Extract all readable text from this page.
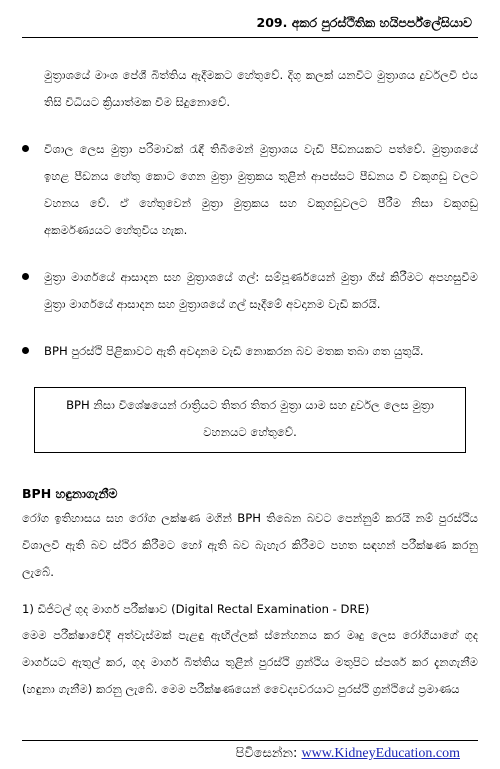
209. අකර පුරස්ථිතික හයිපර්ප්ලේසියාව

මුත්‍රාශයේ මාංශ පේශී බිත්තිය ඇදීමකට හේතුවේ. දිගු කලක් යනවිට මුත්‍රාශය දුර්වලවී එය තිසි විධියට ක්‍රියාත්මක වීම සිදුනොවේ.

විශාල ලෙස මුත්‍රා පරිමාවක් රැඳී තිබීමෙන් මුත්‍රාශය වැඩි පීඩනයකට පත්වේ. මුත්‍රාශයේ ඉහළ පීඩනය හේතු කොට ගෙන මුත්‍රා මුත්‍රකය තුළින් ආපස්සට පීඩනය වී වකුගඩු වලට වහනය වේ. ඒ හේතුවෙන් මුත්‍රා මුත්‍රකය සහ වකුගඩුවලට පීරීම නිසා වකුගඩු අකර්මණ්‍යයට හේතුවිය හැක.

මුත්‍රා මාර්ගයේ ආසාදන සහ මුත්‍රාශයේ ගල්: සම්පූර්ණයෙන් මුත්‍රා ගිස් කිරීමට අපහසුවීම මුත්‍රා මාර්ගයේ ආසාදන සහ මුත්‍රාශයේ ගල් සෑදීමේ අවදානම වැඩි කරයි.

BPH පුරස්ථි පිළිකාවට ඇති අවදානම වැඩි නොකරන බව මතක තබා ගත යුතුයි.

BPH නිසා විශේෂයෙන් රාත්‍රියට තිතර තිතර මුත්‍රා යාම සහ දුර්වල ලෙස මුත්‍රා වහනයට හේතුවේ.
BPH හඳුනාගැනීම

රෝග ඉතිහාසය සහ රෝග ලක්ෂණ මගින් BPH තිබෙන බවට පෙන්නුම් කරයි නම් පුරස්ථිය විශාලවී ඇති බව ස්ථිර කිරීමට හෝ ඇති බව බැහැර කිරීමට පහත සඳහන් පරීක්ෂණ කරනු ලැබේ.

1) ඩිජිටල් ගුද මාර්ග පරීක්ෂාව (Digital Rectal Examination - DRE)

මෙම පරීක්ෂාවේදී අත්වැස්මක් පැළඳු ඇඟිල්ලක් ස්නේහනය කර මෘදු ලෙස රෝගියාගේ ගුද මාර්ගයට ඇතුල් කර, ගුද මාර්ග බිත්තිය තුළින් පුරස්ථි ග්‍රන්ථිය මතුපිට ස්පර්ශ කර දැනගැනීම (හඳුනා ගැනීම) කරනු ලැබේ. මෙම පරීක්ෂණයෙන් වෛද්‍යවරයාට පුරස්ථි ග්‍රන්ථියේ ප්‍රමාණය

පිවිසෙන්න: www.KidneyEducation.com
